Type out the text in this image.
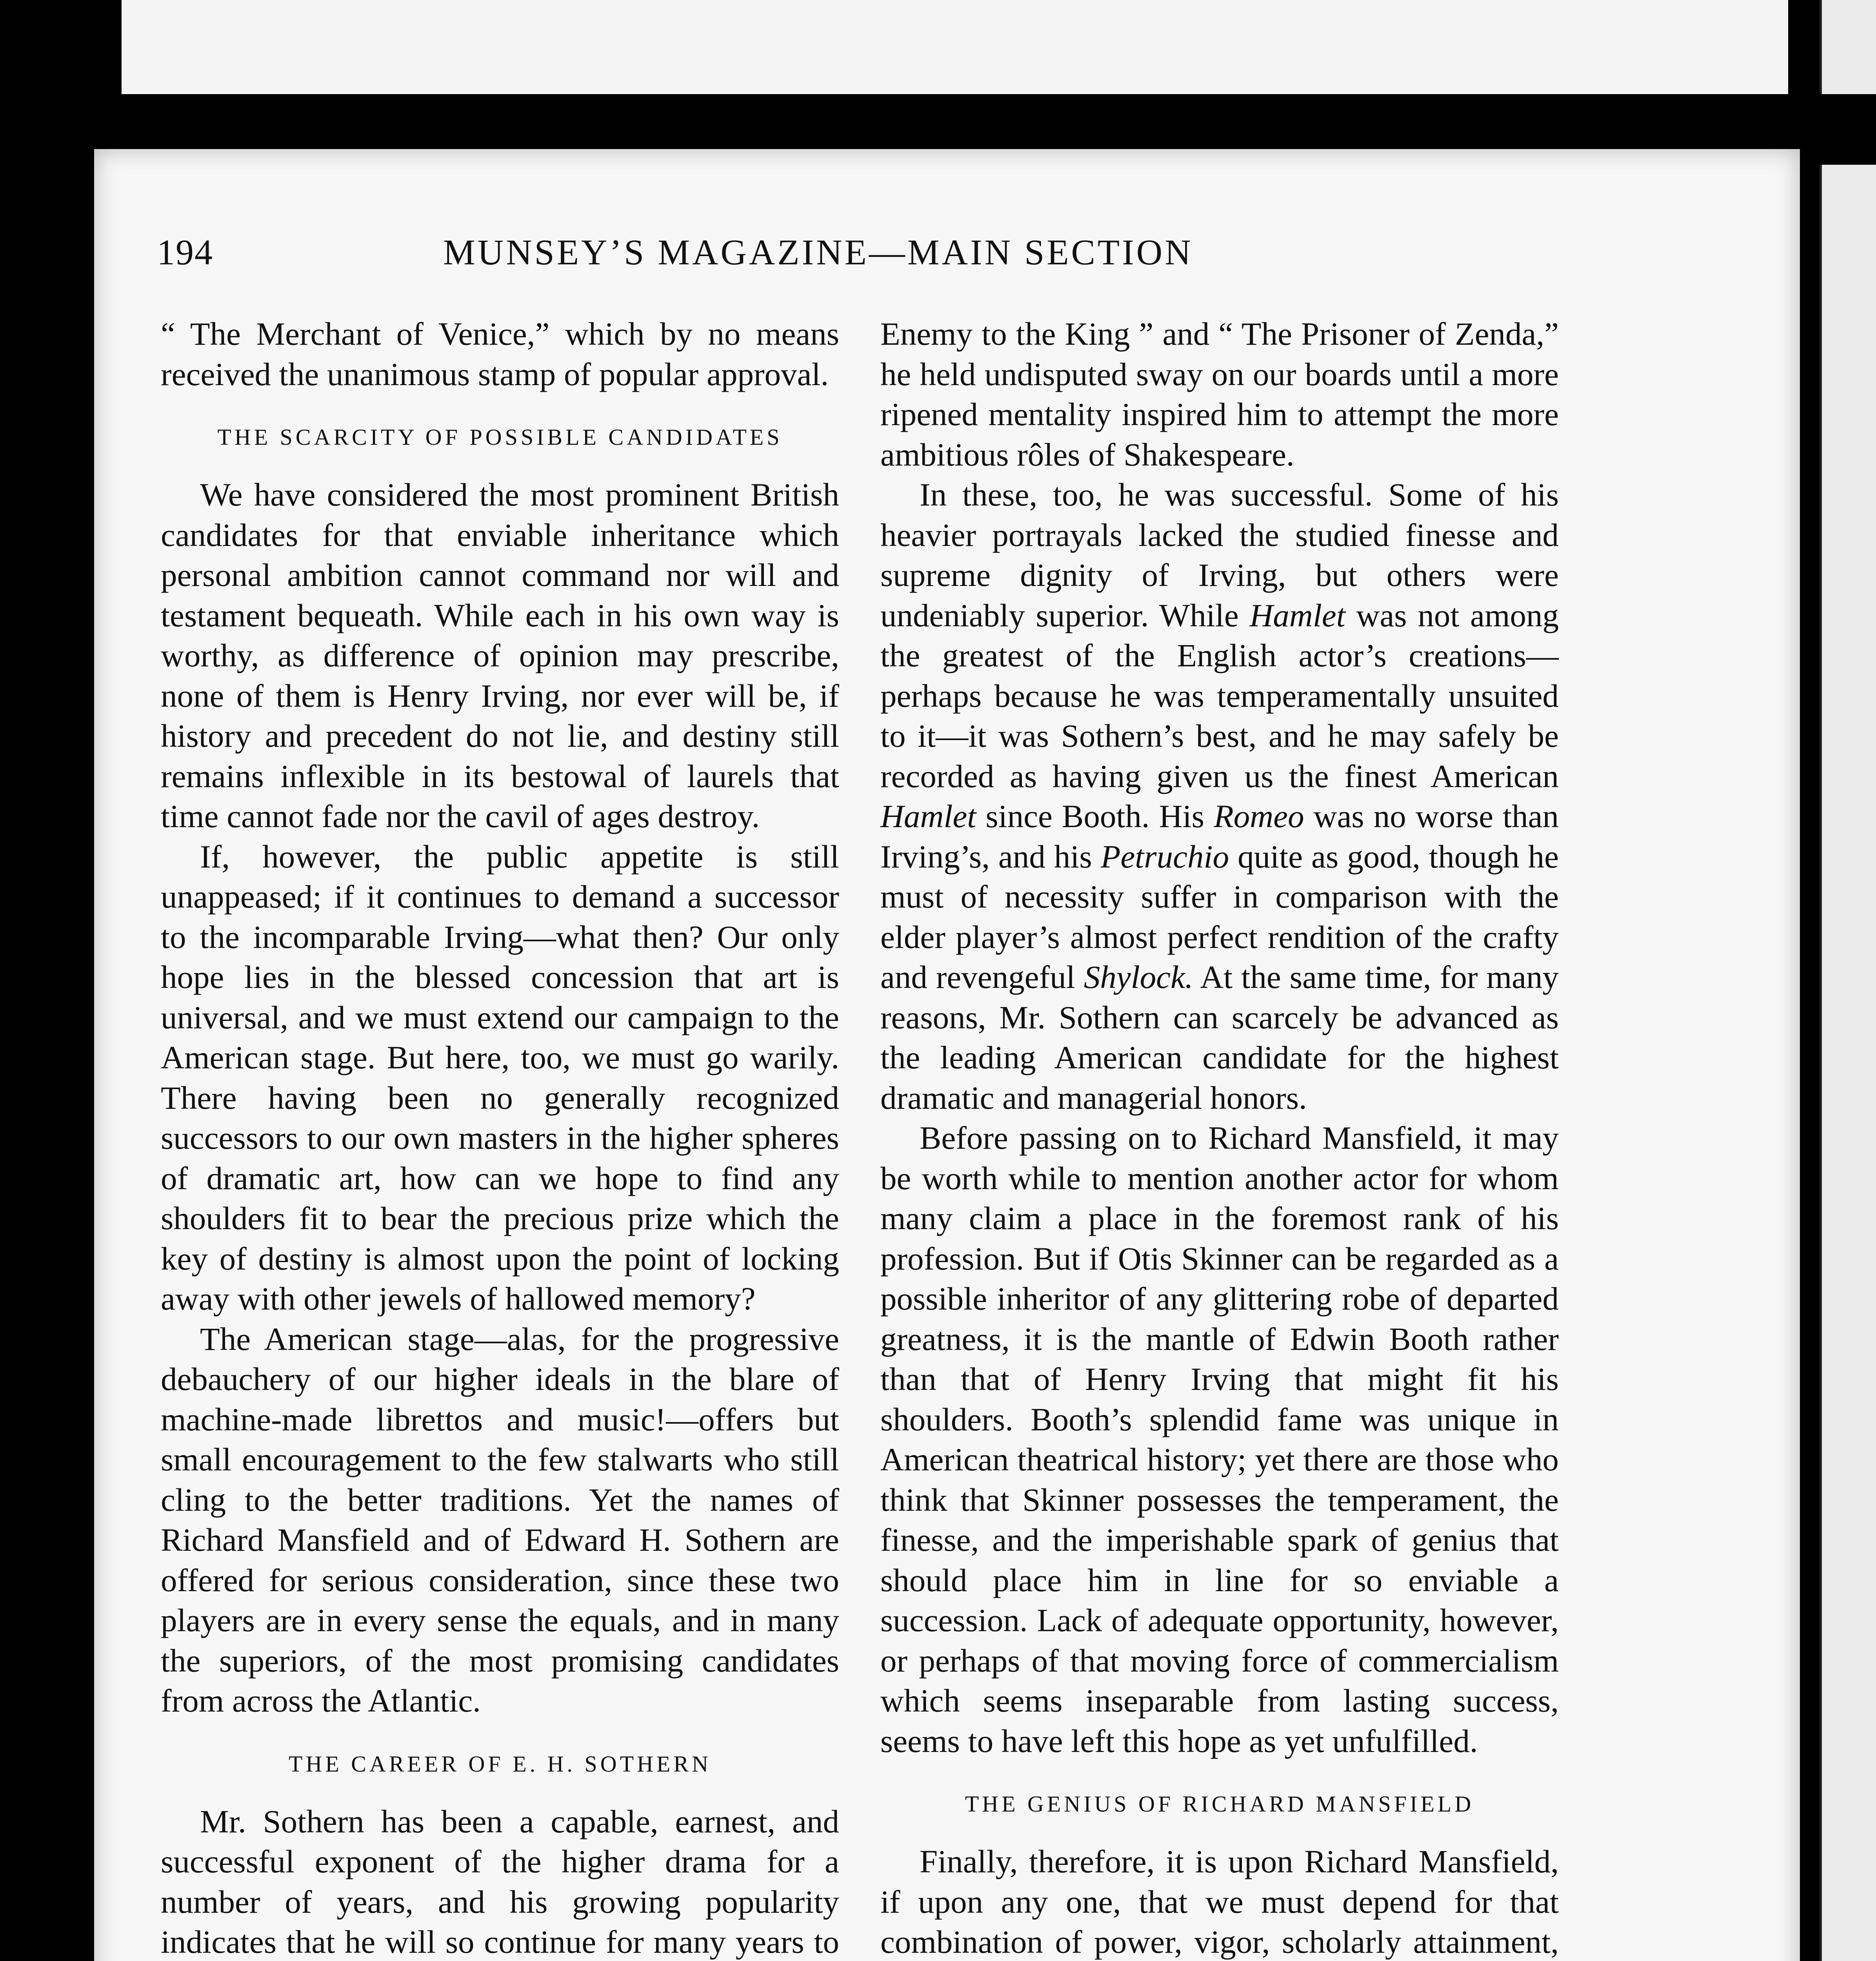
194	MUNSEY’S MAGAZINE—MAIN SECTION

“ The Merchant of Venice,” which by no means received the unanimous stamp of popular approval.

THE SCARCITY OF POSSIBLE CANDIDATES

We have considered the most prominent British candidates for that enviable inheritance which personal ambition cannot command nor will and testament bequeath. While each in his own way is worthy, as difference of opinion may prescribe, none of them is Henry Irving, nor ever will be, if history and precedent do not lie, and destiny still remains inflexible in its bestowal of laurels that time cannot fade nor the cavil of ages destroy.

If, however, the public appetite is still unappeased; if it continues to demand a successor to the incomparable Irving—what then? Our only hope lies in the blessed concession that art is universal, and we must extend our campaign to the American stage. But here, too, we must go warily. There having been no generally recognized successors to our own masters in the higher spheres of dramatic art, how can we hope to find any shoulders fit to bear the precious prize which the key of destiny is almost upon the point of locking away with other jewels of hallowed memory?

The American stage—alas, for the progressive debauchery of our higher ideals in the blare of machine-made librettos and music!—offers but small encouragement to the few stalwarts who still cling to the better traditions. Yet the names of Richard Mansfield and of Edward H. Sothern are offered for serious consideration, since these two players are in every sense the equals, and in many the superiors, of the most promising candidates from across the Atlantic.

THE CAREER OF E. H. SOTHERN

Mr. Sothern has been a capable, earnest, and successful exponent of the higher drama for a number of years, and his growing popularity indicates that he will so continue for many years to

Enemy to the King ” and “ The Prisoner of Zenda,” he held undisputed sway on our boards until a more ripened mentality inspired him to attempt the more ambitious rôles of Shakespeare.

In these, too, he was successful. Some of his heavier portrayals lacked the studied finesse and supreme dignity of Irving, but others were undeniably superior. While Hamlet was not among the greatest of the English actor’s creations—perhaps because he was temperamentally unsuited to it—it was Sothern’s best, and he may safely be recorded as having given us the finest American Hamlet since Booth. His Romeo was no worse than Irving’s, and his Petruchio quite as good, though he must of necessity suffer in comparison with the elder player’s almost perfect rendition of the crafty and revengeful Shylock. At the same time, for many reasons, Mr. Sothern can scarcely be advanced as the leading American candidate for the highest dramatic and managerial honors.

Before passing on to Richard Mansfield, it may be worth while to mention another actor for whom many claim a place in the foremost rank of his profession. But if Otis Skinner can be regarded as a possible inheritor of any glittering robe of departed greatness, it is the mantle of Edwin Booth rather than that of Henry Irving that might fit his shoulders. Booth’s splendid fame was unique in American theatrical history; yet there are those who think that Skinner possesses the temperament, the finesse, and the imperishable spark of genius that should place him in line for so enviable a succession. Lack of adequate opportunity, however, or perhaps of that moving force of commercialism which seems inseparable from lasting success, seems to have left this hope as yet unfulfilled.

THE GENIUS OF RICHARD MANSFIELD

Finally, therefore, it is upon Richard Mansfield, if upon any one, that we must depend for that combination of power, vigor, scholarly attainment,
